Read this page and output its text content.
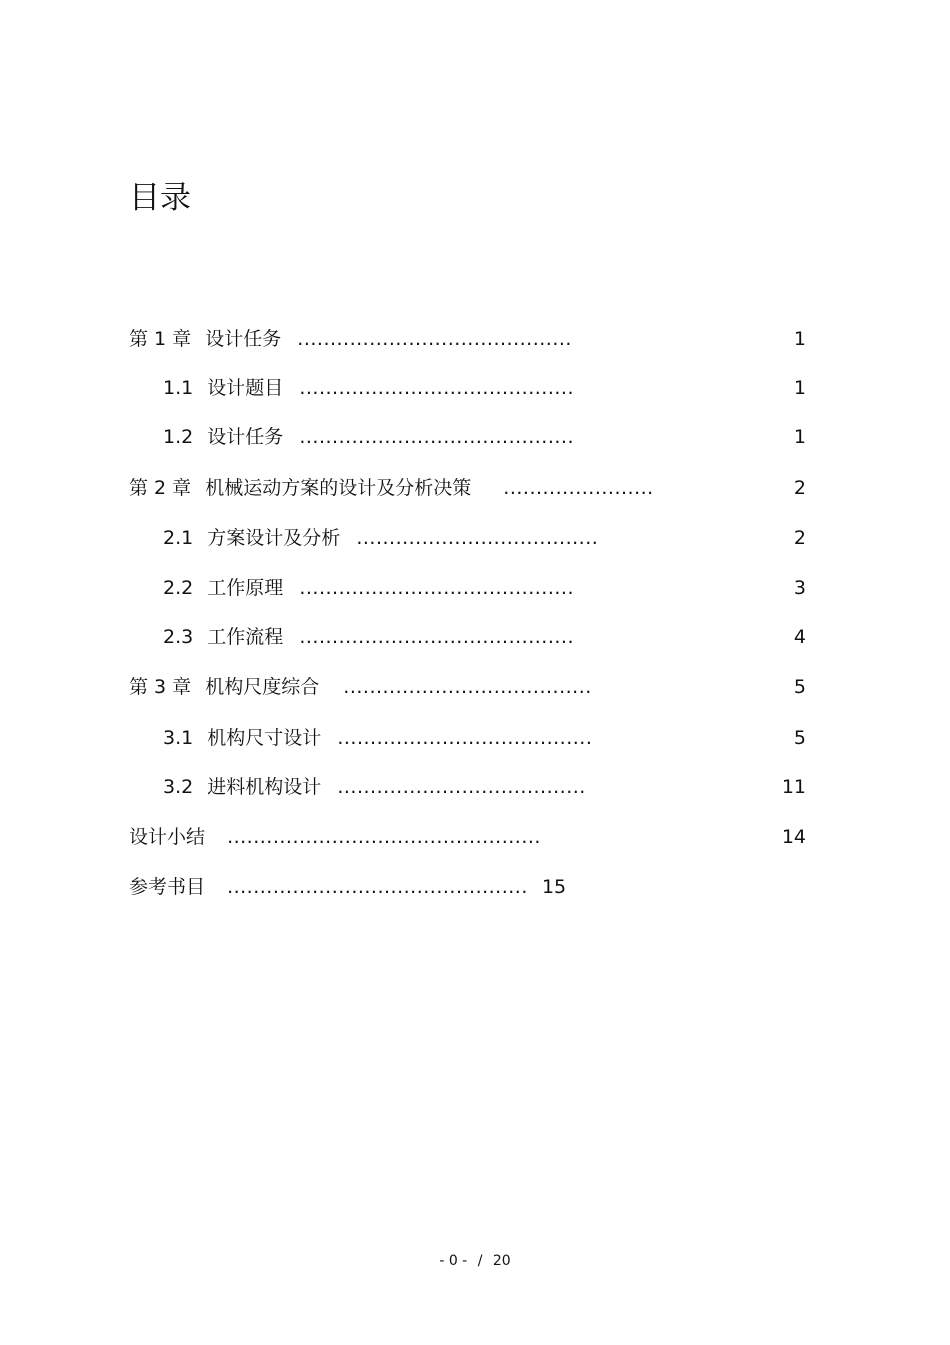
目录
第 1 章 设计任务 ..........................................	1
1.1 设计题目 ..........................................	1
1.2 设计任务 ..........................................	1
第 2 章 机械运动方案的设计及分析决策 .......................	2
2.1 方案设计及分析 .....................................	2
2.2 工作原理 ..........................................	3
2.3 工作流程 ..........................................	4
第 3 章 机构尺度综合 ......................................	5
3.1 机构尺寸设计 .......................................	5
3.2 进料机构设计 ......................................	11
设计小结 ................................................	14
参考书目 .............................................. 15
- 0 - / 20
